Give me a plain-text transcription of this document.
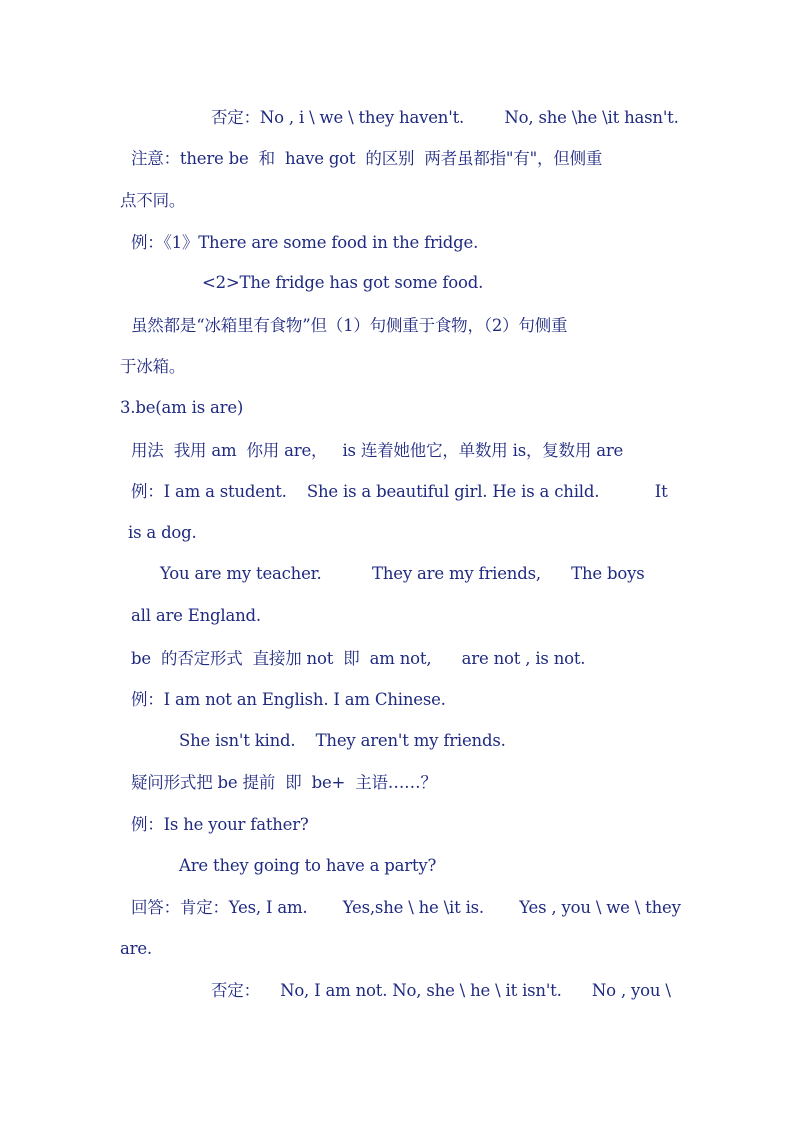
否定：No , i \ we \ they haven't.        No, she \he \it hasn't.
注意：there be  和  have got  的区别  两者虽都指"有"，但侧重
点不同。
例：《1》There are some food in the fridge.
<2>The fridge has got some food.
虽然都是“冰箱里有食物”但（1）句侧重于食物，（2）句侧重
于冰箱。
3.be(am is are)
用法  我用 am  你用 are，   is 连着她他它，单数用 is，复数用 are
例：I am a student.    She is a beautiful girl. He is a child.           It
is a dog.
You are my teacher.          They are my friends,      The boys
all are England.
be  的否定形式  直接加 not  即  am not,      are not , is not.
例：I am not an English. I am Chinese.
She isn't kind.    They aren't my friends.
疑问形式把 be 提前  即  be+  主语……？
例：Is he your father?
Are they going to have a party?
回答：肯定：Yes, I am.       Yes,she \ he \it is.       Yes , you \ we \ they
are.
否定：    No, I am not. No, she \ he \ it isn't.      No , you \
